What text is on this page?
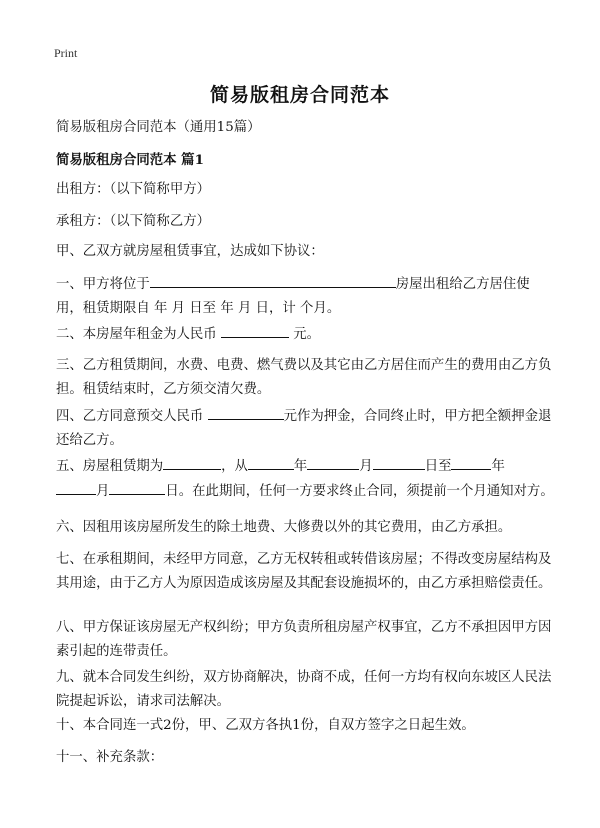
Print
简易版租房合同范本

简易版租房合同范本（通用15篇）

简易版租房合同范本 篇1

出租方：（以下简称甲方）

承租方：（以下简称乙方）

甲、乙双方就房屋租赁事宜，达成如下协议：

一、甲方将位于	房屋出租给乙方居住使用，租赁期限自 年 月 日至 年 月 日，计 个月。

二、本房屋年租金为人民币	元。

三、乙方租赁期间，水费、电费、燃气费以及其它由乙方居住而产生的费用由乙方负担。租赁结束时，乙方须交清欠费。

四、乙方同意预交人民币	元作为押金，合同终止时，甲方把全额押金退还给乙方。

五、房屋租赁期为	，从	年	月	日至	年
月	日。在此期间，任何一方要求终止合同，须提前一个月通知对方。

六、因租用该房屋所发生的除土地费、大修费以外的其它费用，由乙方承担。

七、在承租期间，未经甲方同意，乙方无权转租或转借该房屋；不得改变房屋结构及其用途，由于乙方人为原因造成该房屋及其配套设施损坏的，由乙方承担赔偿责任。

八、甲方保证该房屋无产权纠纷；甲方负责所租房屋产权事宜，乙方不承担因甲方因素引起的连带责任。

九、就本合同发生纠纷，双方协商解决，协商不成，任何一方均有权向东坡区人民法院提起诉讼，请求司法解决。

十、本合同连一式2份，甲、乙双方各执1份，自双方签字之日起生效。

十一、补充条款：
